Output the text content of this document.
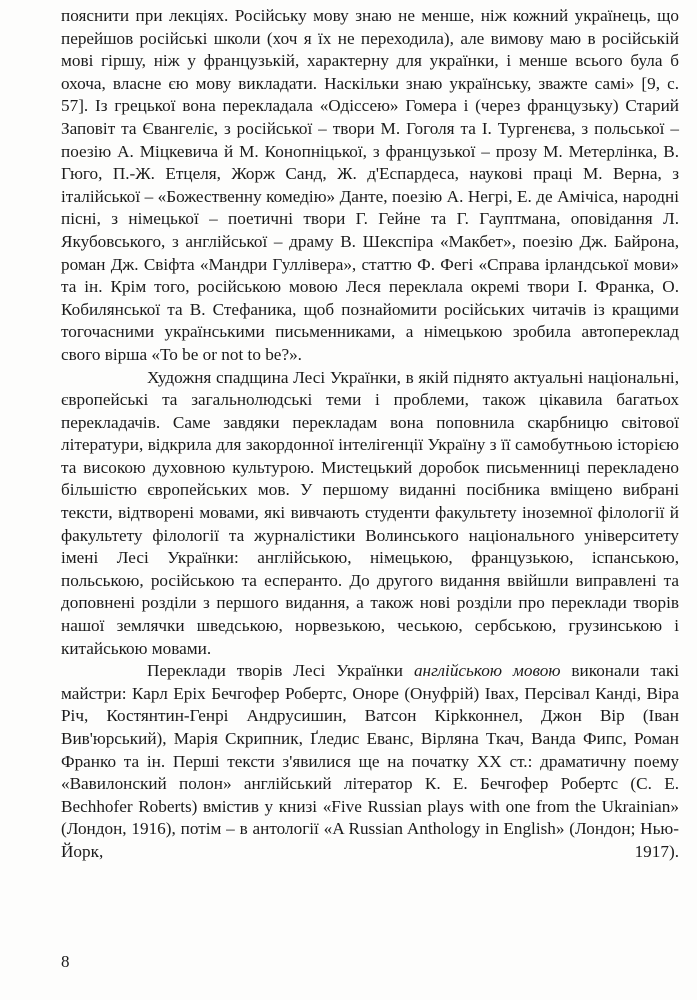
пояснити при лекціях. Російську мову знаю не менше, ніж кожний українець, що перейшов російські школи (хоч я їх не переходила), але вимову маю в російській мові гіршу, ніж у французькій, характерну для українки, і менше всього була б охоча, власне єю мову викладати. Наскільки знаю українську, зважте самі» [9, с. 57]. Із грецької вона перекладала «Одіссею» Гомера і (через французьку) Старий Заповіт та Євангеліє, з російської – твори М. Гоголя та І. Тургенєва, з польської – поезію А. Міцкевича й М. Конопніцької, з французької – прозу М. Метерлінка, В. Гюго, П.-Ж. Етцеля, Жорж Санд, Ж. д'Еспардеса, наукові праці М. Верна, з італійської – «Божественну комедію» Данте, поезію А. Негрі, Е. де Амічіса, народні пісні, з німецької – поетичні твори Г. Гейне та Г. Гауптмана, оповідання Л. Якубовського, з англійської – драму В. Шекспіра «Макбет», поезію Дж. Байрона, роман Дж. Свіфта «Мандри Гуллівера», статтю Ф. Фегі «Справа ірландської мови» та ін. Крім того, російською мовою Леся переклала окремі твори І. Франка, О. Кобилянської та В. Стефаника, щоб познайомити російських читачів із кращими тогочасними українськими письменниками, а німецькою зробила автопереклад свого вірша «To be or not to be?».

Художня спадщина Лесі Українки, в якій піднято актуальні національні, європейські та загальнолюдські теми і проблеми, також цікавила багатьох перекладачів. Саме завдяки перекладам вона поповнила скарбницю світової літератури, відкрила для закордонної інтелігенції Україну з її самобутньою історією та високою духовною культурою. Мистецький доробок письменниці перекладено більшістю європейських мов. У першому виданні посібника вміщено вибрані тексти, відтворені мовами, які вивчають студенти факультету іноземної філології й факультету філології та журналістики Волинського національного університету імені Лесі Українки: англійською, німецькою, французькою, іспанською, польською, російською та есперанто. До другого видання ввійшли виправлені та доповнені розділи з першого видання, а також нові розділи про переклади творів нашої землячки шведською, норвезькою, чеською, сербською, грузинською і китайською мовами.

Переклади творів Лесі Українки англійською мовою виконали такі майстри: Карл Еріх Бечгофер Робертс, Оноре (Онуфрій) Івах, Персівал Канді, Віра Річ, Костянтин-Генрі Андрусишин, Ватсон Кірkконнел, Джон Вір (Іван Вив'юрський), Марія Скрипник, Ґледис Еванс, Вірляна Ткач, Ванда Фипс, Роман Франко та ін. Перші тексти з'явилися ще на початку ХХ ст.: драматичну поему «Вавилонский полон» англійський літератор К. Е. Бечгофер Робертс (C. E. Bechhofer Roberts) вмістив у книзі «Five Russian plays with one from the Ukrainian» (Лондон, 1916), потім – в антології «A Russian Anthology in English» (Лондон; Нью-Йорк, 1917).

8
